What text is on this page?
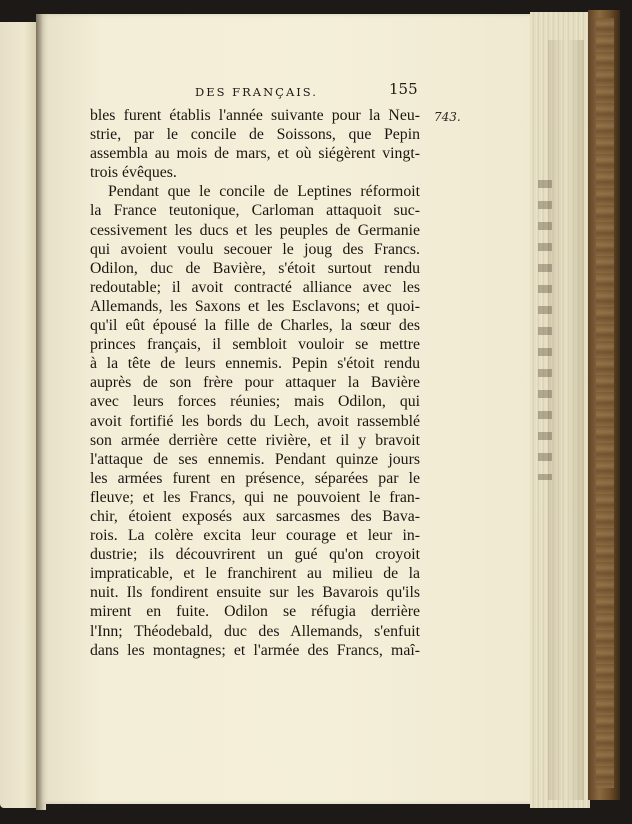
DES FRANÇAIS.	155
743.
bles furent établis l'année suivante pour la Neu-
strie, par le concile de Soissons, que Pepin
assembla au mois de mars, et où siégèrent vingt-
trois évêques.
Pendant que le concile de Leptines réformoit
la France teutonique, Carloman attaquoit suc-
cessivement les ducs et les peuples de Germanie
qui avoient voulu secouer le joug des Francs.
Odilon, duc de Bavière, s'étoit surtout rendu
redoutable; il avoit contracté alliance avec les
Allemands, les Saxons et les Esclavons; et quoi-
qu'il eût épousé la fille de Charles, la sœur des
princes français, il sembloit vouloir se mettre
à la tête de leurs ennemis. Pepin s'étoit rendu
auprès de son frère pour attaquer la Bavière
avec leurs forces réunies; mais Odilon, qui
avoit fortifié les bords du Lech, avoit rassemblé
son armée derrière cette rivière, et il y bravoit
l'attaque de ses ennemis. Pendant quinze jours
les armées furent en présence, séparées par le
fleuve; et les Francs, qui ne pouvoient le fran-
chir, étoient exposés aux sarcasmes des Bava-
rois. La colère excita leur courage et leur in-
dustrie; ils découvrirent un gué qu'on croyoit
impraticable, et le franchirent au milieu de la
nuit. Ils fondirent ensuite sur les Bavarois qu'ils
mirent en fuite. Odilon se réfugia derrière
l'Inn; Théodebald, duc des Allemands, s'enfuit
dans les montagnes; et l'armée des Francs, maî-
